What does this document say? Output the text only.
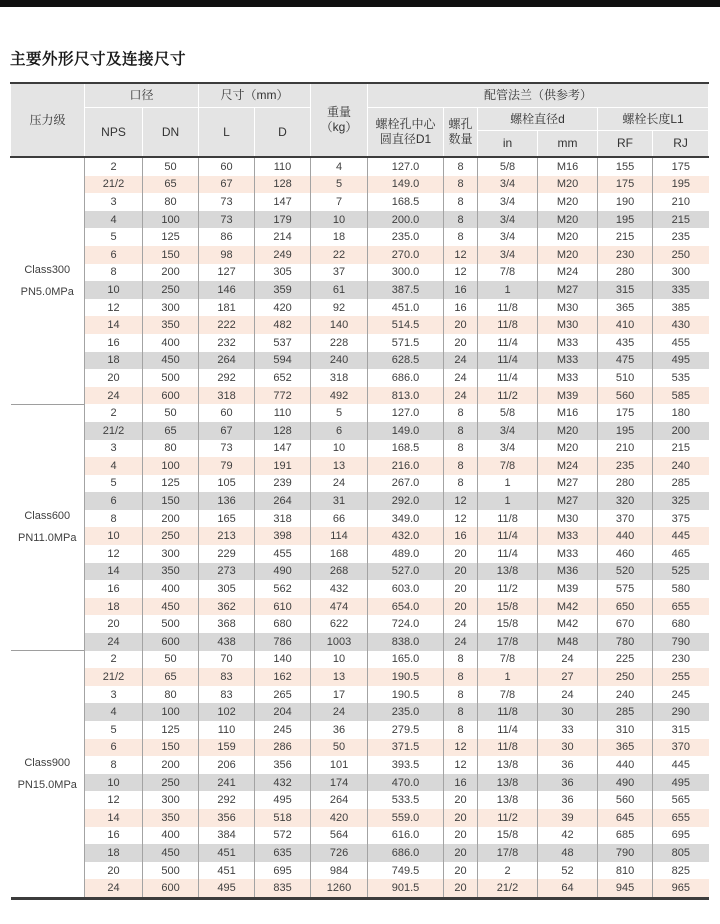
主要外形尺寸及连接尺寸
压力级	口径		尺寸（mm）		重量
（kg）	配管法兰（供参考）					
	NPS	DN	L	D		螺栓孔中心
圆直径D1	螺孔
数量	螺栓直径d		螺栓长度L1	
								in	mm	RF	RJ

Class300
PN5.0MPa	2	50	60	110	4	127.0	8	5/8	M16	155	175
	21/2	65	67	128	5	149.0	8	3/4	M20	175	195
	3	80	73	147	7	168.5	8	3/4	M20	190	210
	4	100	73	179	10	200.0	8	3/4	M20	195	215
	5	125	86	214	18	235.0	8	3/4	M20	215	235
	6	150	98	249	22	270.0	12	3/4	M20	230	250
	8	200	127	305	37	300.0	12	7/8	M24	280	300
	10	250	146	359	61	387.5	16	1	M27	315	335
	12	300	181	420	92	451.0	16	11/8	M30	365	385
	14	350	222	482	140	514.5	20	11/8	M30	410	430
	16	400	232	537	228	571.5	20	11/4	M33	435	455
	18	450	264	594	240	628.5	24	11/4	M33	475	495
	20	500	292	652	318	686.0	24	11/4	M33	510	535
	24	600	318	772	492	813.0	24	11/2	M39	560	585

Class600
PN11.0MPa	2	50	60	110	5	127.0	8	5/8	M16	175	180
	21/2	65	67	128	6	149.0	8	3/4	M20	195	200
	3	80	73	147	10	168.5	8	3/4	M20	210	215
	4	100	79	191	13	216.0	8	7/8	M24	235	240
	5	125	105	239	24	267.0	8	1	M27	280	285
	6	150	136	264	31	292.0	12	1	M27	320	325
	8	200	165	318	66	349.0	12	11/8	M30	370	375
	10	250	213	398	114	432.0	16	11/4	M33	440	445
	12	300	229	455	168	489.0	20	11/4	M33	460	465
	14	350	273	490	268	527.0	20	13/8	M36	520	525
	16	400	305	562	432	603.0	20	11/2	M39	575	580
	18	450	362	610	474	654.0	20	15/8	M42	650	655
	20	500	368	680	622	724.0	24	15/8	M42	670	680
	24	600	438	786	1003	838.0	24	17/8	M48	780	790

Class900
PN15.0MPa	2	50	70	140	10	165.0	8	7/8	24	225	230
	21/2	65	83	162	13	190.5	8	1	27	250	255
	3	80	83	265	17	190.5	8	7/8	24	240	245
	4	100	102	204	24	235.0	8	11/8	30	285	290
	5	125	110	245	36	279.5	8	11/4	33	310	315
	6	150	159	286	50	371.5	12	11/8	30	365	370
	8	200	206	356	101	393.5	12	13/8	36	440	445
	10	250	241	432	174	470.0	16	13/8	36	490	495
	12	300	292	495	264	533.5	20	13/8	36	560	565
	14	350	356	518	420	559.0	20	11/2	39	645	655
	16	400	384	572	564	616.0	20	15/8	42	685	695
	18	450	451	635	726	686.0	20	17/8	48	790	805
	20	500	451	695	984	749.5	20	2	52	810	825
	24	600	495	835	1260	901.5	20	21/2	64	945	965
